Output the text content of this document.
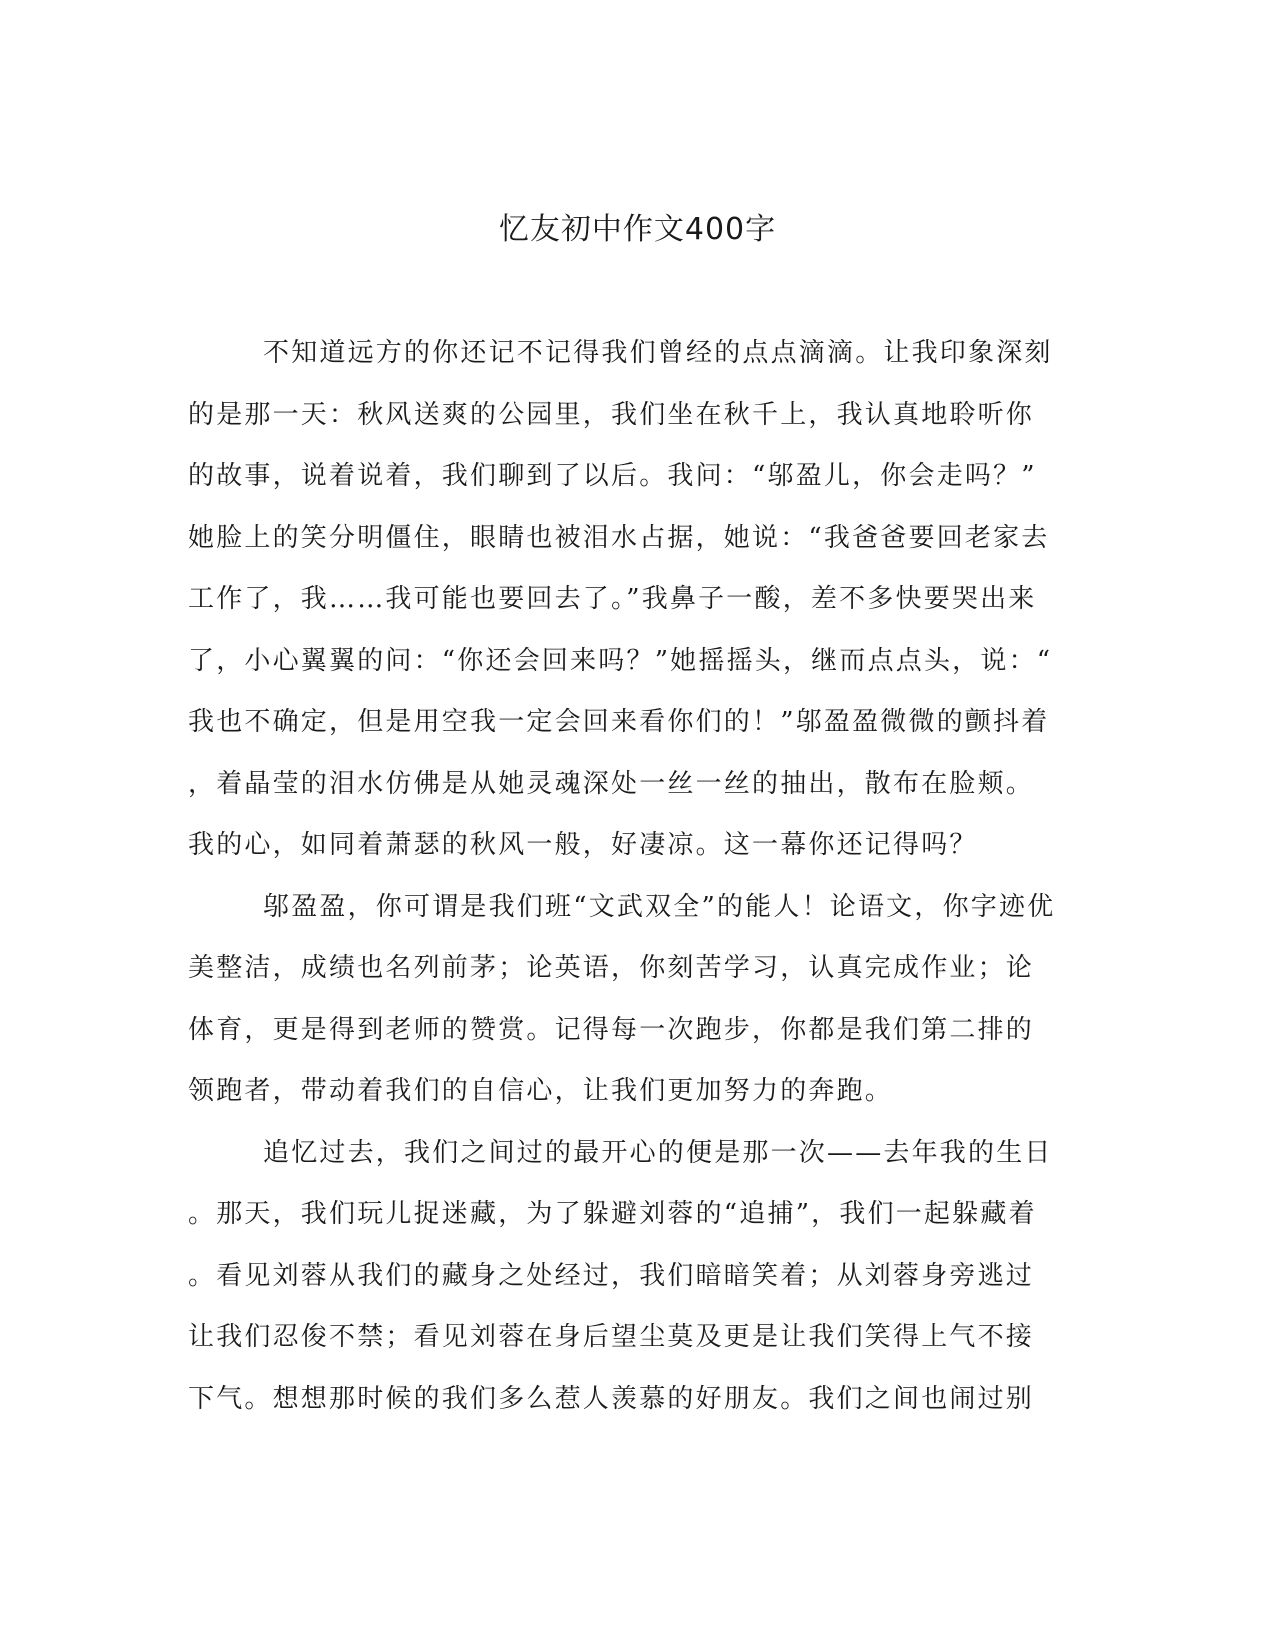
忆友初中作文400字
不知道远方的你还记不记得我们曾经的点点滴滴。让我印象深刻
的是那一天：秋风送爽的公园里，我们坐在秋千上，我认真地聆听你
的故事，说着说着，我们聊到了以后。我问：“邬盈儿，你会走吗？”
她脸上的笑分明僵住，眼睛也被泪水占据，她说：“我爸爸要回老家去
工作了，我……我可能也要回去了。”我鼻子一酸，差不多快要哭出来
了，小心翼翼的问：“你还会回来吗？”她摇摇头，继而点点头，说：“
我也不确定，但是用空我一定会回来看你们的！”邬盈盈微微的颤抖着
，着晶莹的泪水仿佛是从她灵魂深处一丝一丝的抽出，散布在脸颊。
我的心，如同着萧瑟的秋风一般，好凄凉。这一幕你还记得吗？
邬盈盈，你可谓是我们班“文武双全”的能人！论语文，你字迹优
美整洁，成绩也名列前茅；论英语，你刻苦学习，认真完成作业；论
体育，更是得到老师的赞赏。记得每一次跑步，你都是我们第二排的
领跑者，带动着我们的自信心，让我们更加努力的奔跑。
追忆过去，我们之间过的最开心的便是那一次——去年我的生日
。那天，我们玩儿捉迷藏，为了躲避刘蓉的“追捕”，我们一起躲藏着
。看见刘蓉从我们的藏身之处经过，我们暗暗笑着；从刘蓉身旁逃过
让我们忍俊不禁；看见刘蓉在身后望尘莫及更是让我们笑得上气不接
下气。想想那时候的我们多么惹人羡慕的好朋友。我们之间也闹过别
